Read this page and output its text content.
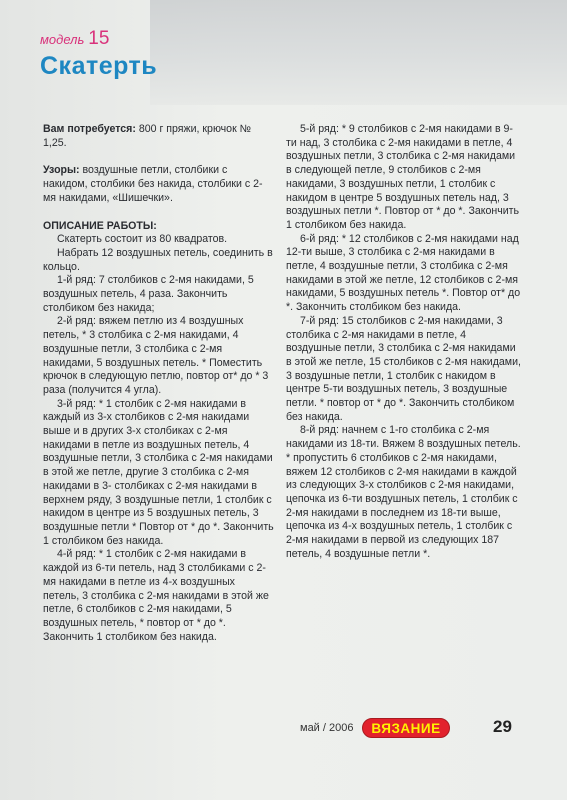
модель 15
Скатерть

Вам потребуется: 800 г пряжи, крючок № 1,25.

Узоры: воздушные петли, столбики с накидом, столбики без накида, столбики с 2-мя накидами, «Шишечки».

ОПИСАНИЕ РАБОТЫ:

Скатерть состоит из 80 квадратов.

Набрать 12 воздушных петель, соединить в кольцо.

1-й ряд: 7 столбиков с 2-мя накидами, 5 воздушных петель, 4 раза. Закончить столбиком без накида;

2-й ряд: вяжем петлю из 4 воздушных петель, * 3 столбика с 2-мя накидами, 4 воздушные петли, 3 столбика с 2-мя накидами, 5 воздушных петель. * Поместить крючок в следующую петлю, повтор от* до * 3 раза (получится 4 угла).

3-й ряд: * 1 столбик с 2-мя накидами в каждый из 3-х столбиков с 2-мя накидами выше и в других 3-х столбиках с 2-мя накидами в петле из воздушных петель, 4 воздушные петли, 3 столбика с 2-мя накидами в этой же петле, другие 3 столбика с 2-мя накидами в 3- столбиках с 2-мя накидами в верхнем ряду, 3 воздушные петли, 1 столбик с накидом в центре из 5 воздушных петель, 3 воздушные петли * Повтор от * до *. Закончить 1 столбиком без накида.

4-й ряд: * 1 столбик с 2-мя накидами в каждой из 6-ти петель, над 3 столбиками с 2-мя накидами в петле из 4-х воздушных петель, 3 столбика с 2-мя накидами в этой же петле, 6 столбиков с 2-мя накидами, 5 воздушных петель, * повтор от * до *. Закончить 1 столбиком без накида.

5-й ряд: * 9 столбиков с 2-мя накидами в 9-ти над, 3 столбика с 2-мя накидами в петле, 4 воздушных петли, 3 столбика с 2-мя накидами в следующей петле, 9 столбиков с 2-мя накидами, 3 воздушных петли, 1 столбик с накидом в центре 5 воздушных петель над, 3 воздушных петли *. Повтор от * до *. Закончить 1 столбиком без накида.

6-й ряд: * 12 столбиков с 2-мя накидами над 12-ти выше, 3 столбика с 2-мя накидами в петле, 4 воздушные петли, 3 столбика с 2-мя накидами в этой же петле, 12 столбиков с 2-мя накидами, 5 воздушных петель *. Повтор от* до *. Закончить столбиком без накида.

7-й ряд: 15 столбиков с 2-мя накидами, 3 столбика с 2-мя накидами в петле, 4 воздушные петли, 3 столбика с 2-мя накидами в этой же петле, 15 столбиков с 2-мя накидами, 3 воздушные петли, 1 столбик с накидом в центре 5-ти воздушных петель, 3 воздушные петли. * повтор от * до *. Закончить столбиком без накида.

8-й ряд: начнем с 1-го столбика с 2-мя накидами из 18-ти. Вяжем 8 воздушных петель. * пропустить 6 столбиков с 2-мя накидами, вяжем 12 столбиков с 2-мя накидами в каждой из следующих 3-х столбиков с 2-мя накидами, цепочка из 6-ти воздушных петель, 1 столбик с 2-мя накидами в последнем из 18-ти выше, цепочка из 4-х воздушных петель, 1 столбик с 2-мя накидами в первой из следующих 187 петель, 4 воздушные петли *.

май / 2006	ВЯЗАНИЕ	29
